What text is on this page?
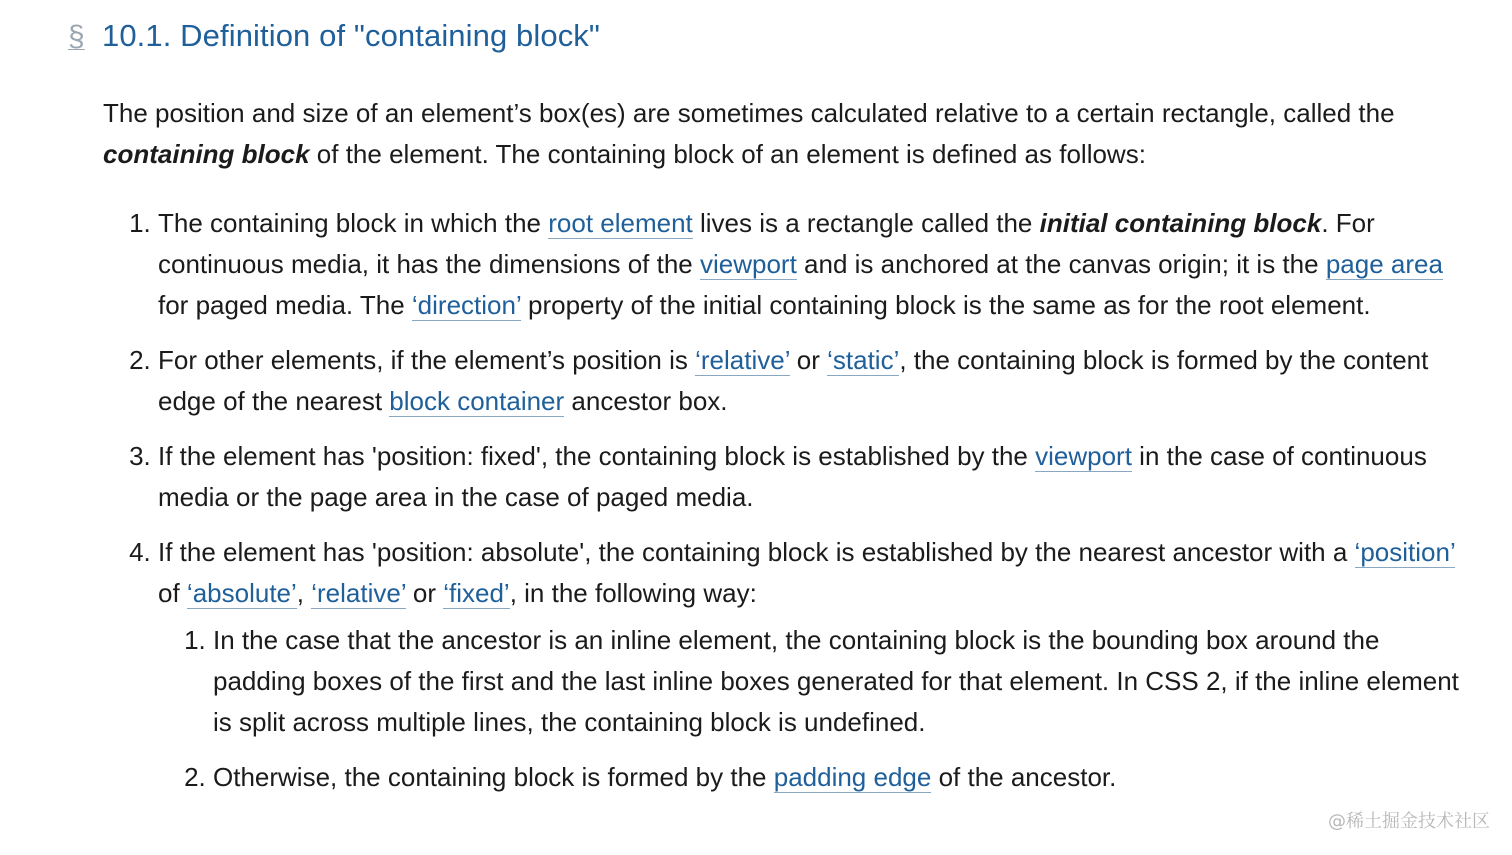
§ 10.1. Definition of "containing block"

The position and size of an element’s box(es) are sometimes calculated relative to a certain rectangle, called the containing block of the element. The containing block of an element is defined as follows:

1. The containing block in which the root element lives is a rectangle called the initial containing block. For continuous media, it has the dimensions of the viewport and is anchored at the canvas origin; it is the page area for paged media. The ‘direction’ property of the initial containing block is the same as for the root element.
2. For other elements, if the element’s position is ‘relative’ or ‘static’, the containing block is formed by the content edge of the nearest block container ancestor box.
3. If the element has 'position: fixed', the containing block is established by the viewport in the case of continuous media or the page area in the case of paged media.
4. If the element has 'position: absolute', the containing block is established by the nearest ancestor with a ‘position’ of ‘absolute’, ‘relative’ or ‘fixed’, in the following way:
1. In the case that the ancestor is an inline element, the containing block is the bounding box around the padding boxes of the first and the last inline boxes generated for that element. In CSS 2, if the inline element is split across multiple lines, the containing block is undefined.
2. Otherwise, the containing block is formed by the padding edge of the ancestor.
@稀土掘金技术社区
